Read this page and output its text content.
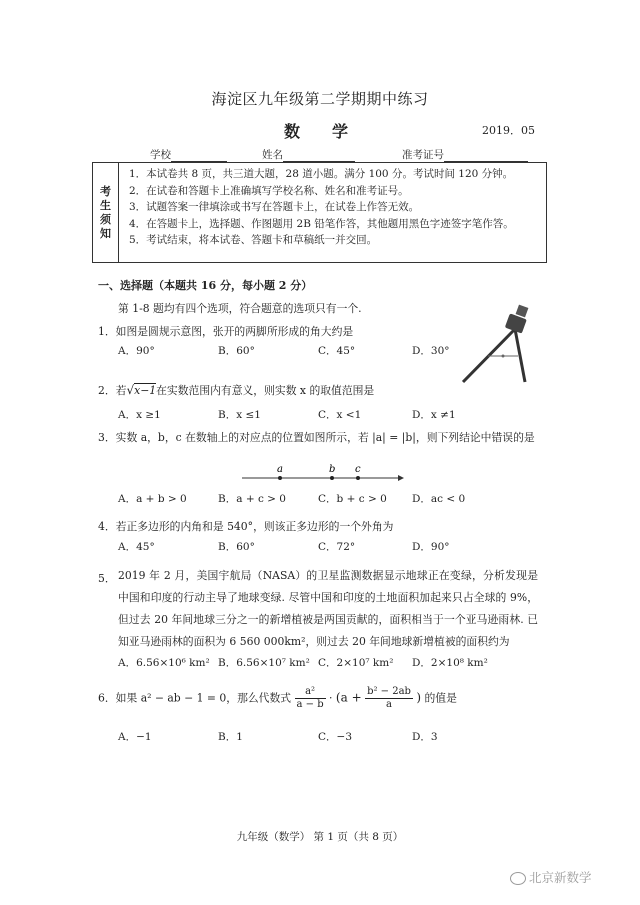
海淀区九年级第二学期期中练习
数　学	2019．05
学校	姓名	准考证号
考
生
须
知
1．本试卷共 8 页，共三道大题，28 道小题。满分 100 分。考试时间 120 分钟。
2．在试卷和答题卡上准确填写学校名称、姓名和准考证号。
3．试题答案一律填涂或书写在答题卡上，在试卷上作答无效。
4．在答题卡上，选择题、作图题用 2B 铅笔作答，其他题用黑色字迹签字笔作答。
5．考试结束，将本试卷、答题卡和草稿纸一并交回。
一、选择题（本题共 16 分，每小题 2 分）
第 1-8 题均有四个选项，符合题意的选项只有一个.
1．如图是圆规示意图，张开的两脚所形成的角大约是
A．90°	B．60°	C．45°	D．30°
2．若√x−1在实数范围内有意义，则实数 x 的取值范围是
A．x ≥1	B．x ≤1	C．x <1	D．x ≠1
3．实数 a，b，c 在数轴上的对应点的位置如图所示，若 |a| = |b|，则下列结论中错误的是
a	b c
A．a + b > 0	B．a + c > 0	C．b + c > 0 D．ac < 0
4．若正多边形的内角和是 540°，则该正多边形的一个外角为
A．45°	B．60°	C．72°	D．90°
5． 2019 年 2 月，美国宇航局（NASA）的卫星监测数据显示地球正在变绿，分析发现是中国和印度的行动主导了地球变绿. 尽管中国和印度的土地面积加起来只占全球的 9%，但过去 20 年间地球三分之一的新增植被是两国贡献的，面积相当于一个亚马逊雨林. 已知亚马逊雨林的面积为 6 560 000km²，则过去 20 年间地球新增植被的面积约为
A．6.56×10⁶ km² B．6.56×10⁷ km² C．2×10⁷ km² D．2×10⁸ km²
6．如果 a² − ab − 1 = 0，那么代数式 $\frac{\text{a²}}{a - b} \cdot (a + \frac{\text{b² − 2ab}}{a}$ ) 的值是
A．−1	B．1	C．−3	D．3
九年级（数学） 第 1 页（共 8 页）
北京新数学
